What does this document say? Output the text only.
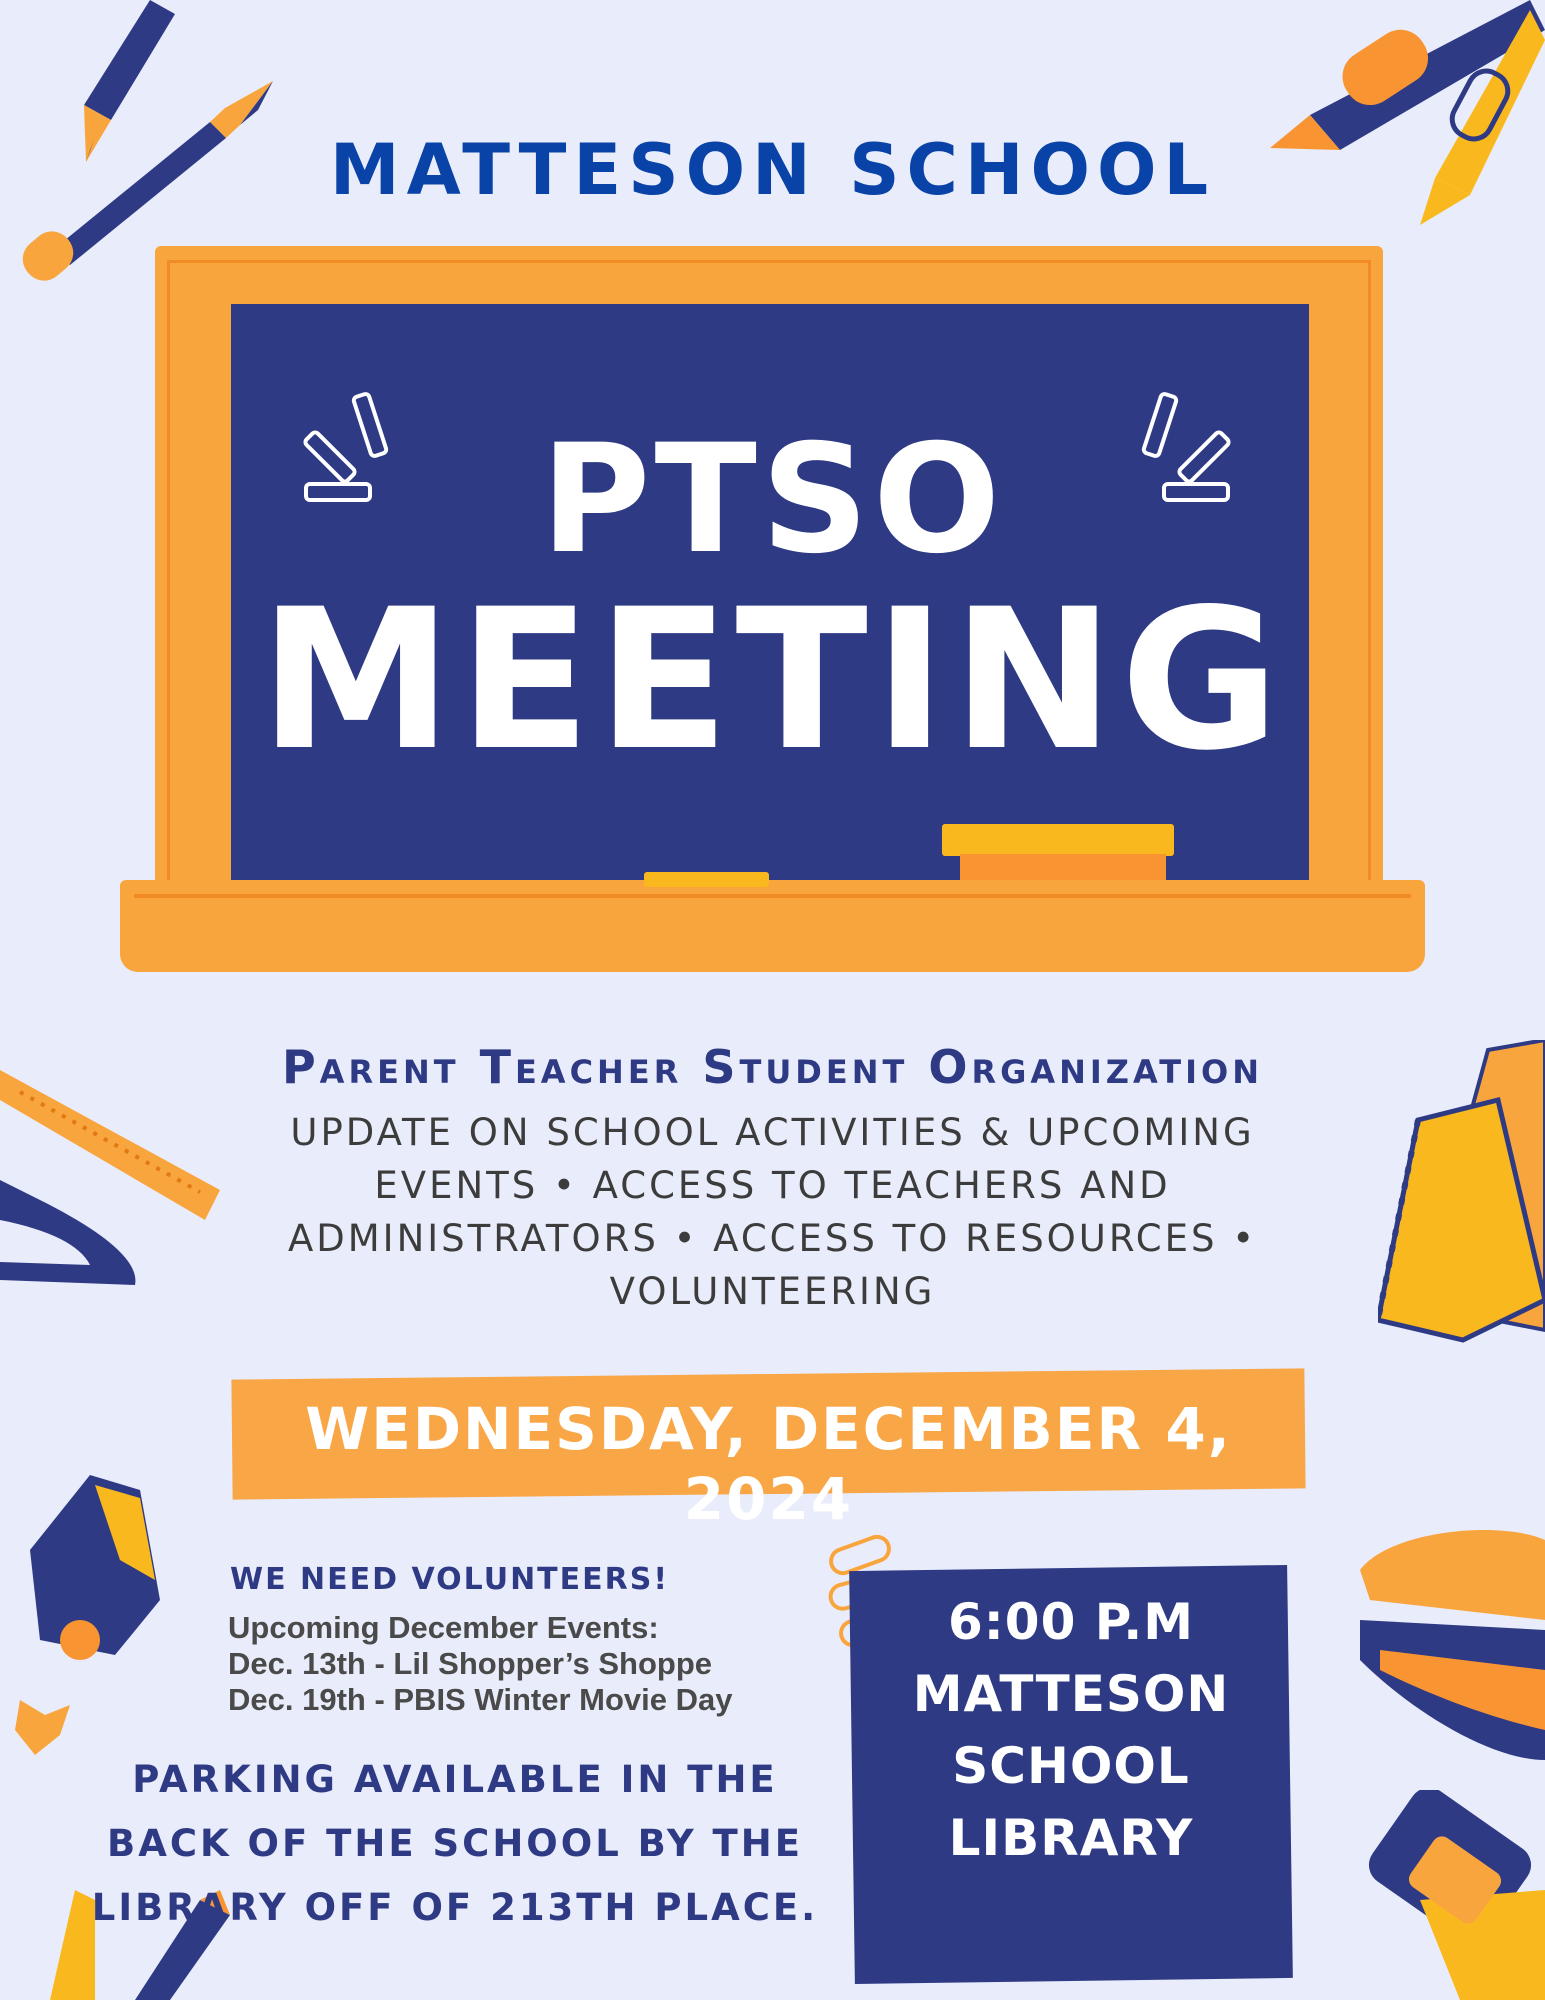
MATTESON SCHOOL
PTSO
MEETING
Parent Teacher Student Organization
UPDATE ON SCHOOL ACTIVITIES & UPCOMING EVENTS • ACCESS TO TEACHERS AND ADMINISTRATORS • ACCESS TO RESOURCES • VOLUNTEERING
WEDNESDAY, DECEMBER 4, 2024
WE NEED VOLUNTEERS!
Upcoming December Events:
Dec. 13th - Lil Shopper’s Shoppe
Dec. 19th - PBIS Winter Movie Day
PARKING AVAILABLE IN THE BACK OF THE SCHOOL BY THE LIBRARY OFF OF 213TH PLACE.
6:00 P.M
MATTESON
SCHOOL
LIBRARY
